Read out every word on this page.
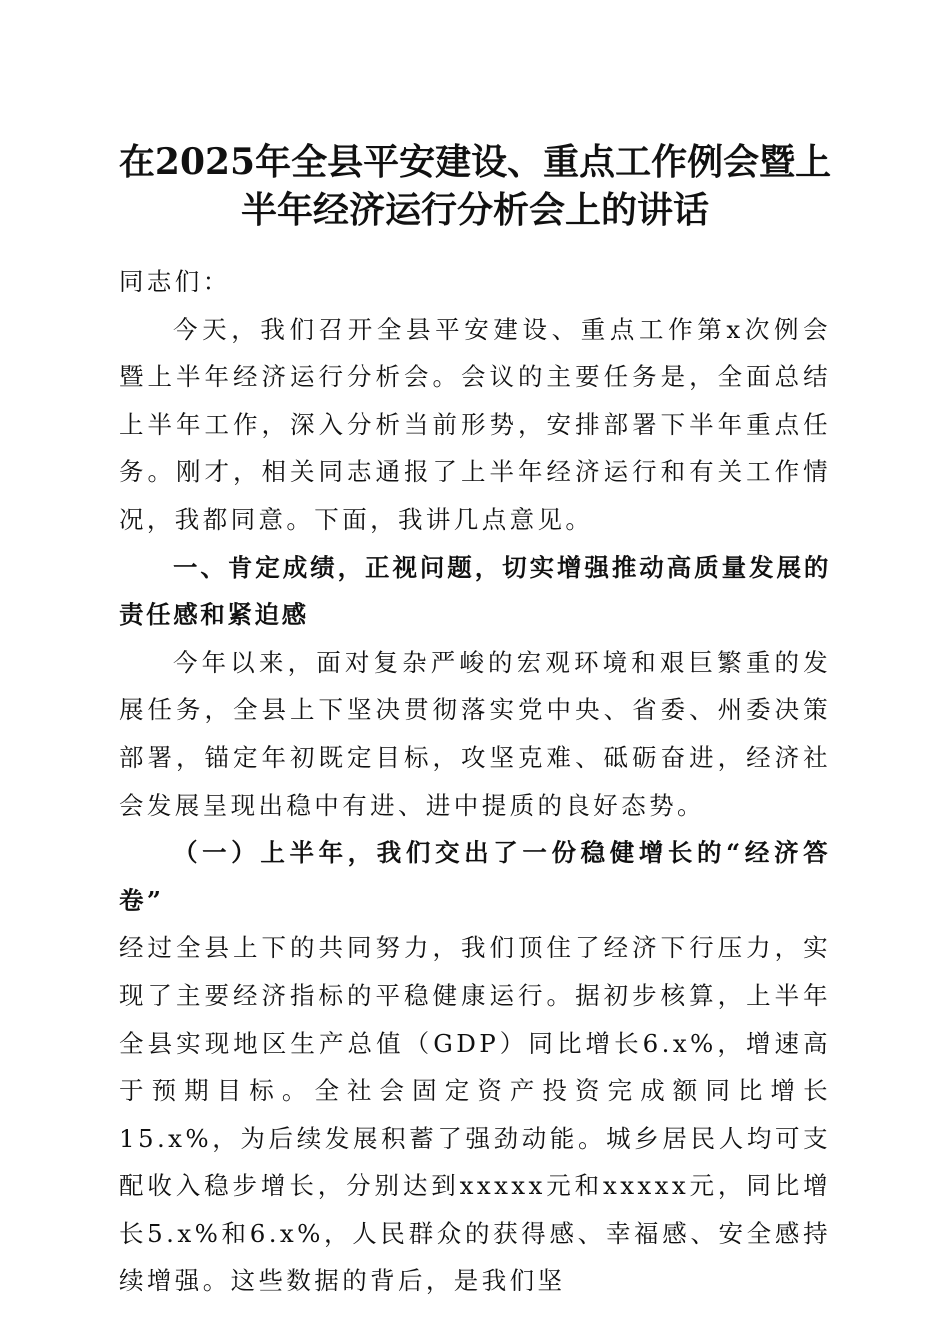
在2025年全县平安建设、重点工作例会暨上
半年经济运行分析会上的讲话

同志们：

今天，我们召开全县平安建设、重点工作第x次例会暨上半年经济运行分析会。会议的主要任务是，全面总结上半年工作，深入分析当前形势，安排部署下半年重点任务。刚才，相关同志通报了上半年经济运行和有关工作情况，我都同意。下面，我讲几点意见。

一、肯定成绩，正视问题，切实增强推动高质量发展的责任感和紧迫感

今年以来，面对复杂严峻的宏观环境和艰巨繁重的发展任务，全县上下坚决贯彻落实党中央、省委、州委决策部署，锚定年初既定目标，攻坚克难、砥砺奋进，经济社会发展呈现出稳中有进、进中提质的良好态势。

（一）上半年，我们交出了一份稳健增长的“经济答卷”

经过全县上下的共同努力，我们顶住了经济下行压力，实现了主要经济指标的平稳健康运行。据初步核算，上半年全县实现地区生产总值（GDP）同比增长6.x%，增速高于预期目标。全社会固定资产投资完成额同比增长15.x%，为后续发展积蓄了强劲动能。城乡居民人均可支配收入稳步增长，分别达到xxxxx元和xxxxx元，同比增长5.x%和6.x%，人民群众的获得感、幸福感、安全感持续增强。这些数据的背后，是我们坚
